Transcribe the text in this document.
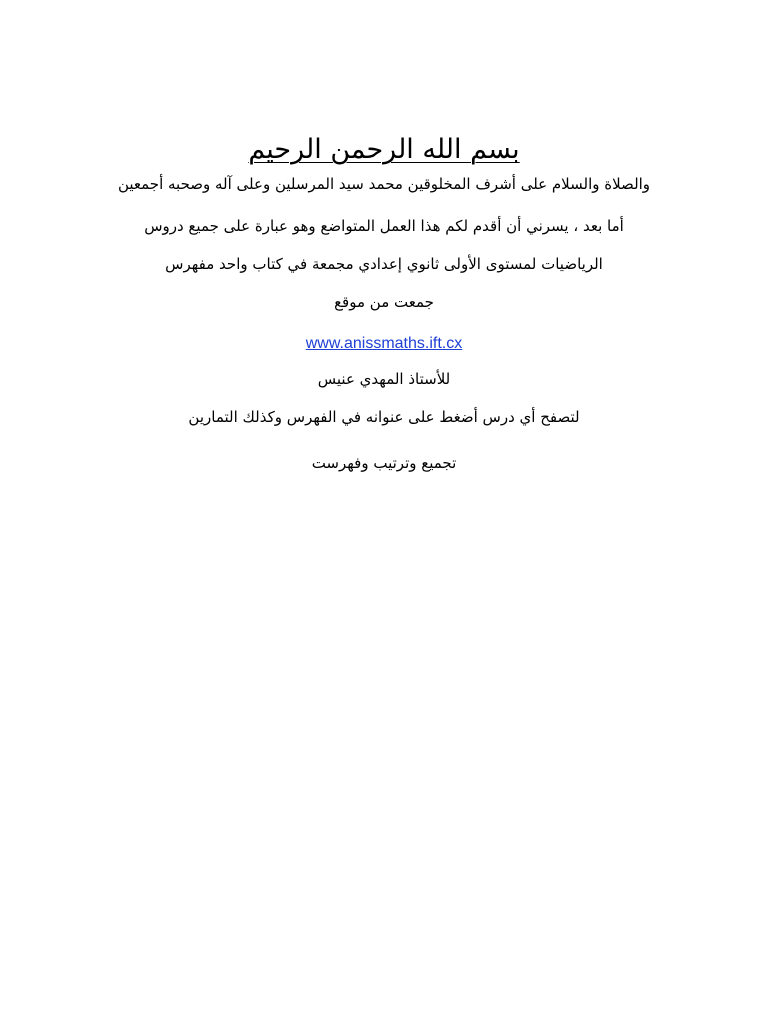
بسم الله الرحمن الرحيم

والصلاة والسلام على أشرف المخلوقين محمد سيد المرسلين وعلى آله وصحبه أجمعين

أما بعد ، يسرني أن أقدم لكم هذا العمل المتواضع وهو عبارة على جميع دروس

الرياضيات لمستوى الأولى ثانوي إعدادي مجمعة في كتاب واحد مفهرس

جمعت من موقع

www.anissmaths.ift.cx

للأستاذ المهدي عنيس

لتصفح أي درس أضغط على عنوانه في الفهرس وكذلك التمارين

تجميع وترتيب وفهرست
